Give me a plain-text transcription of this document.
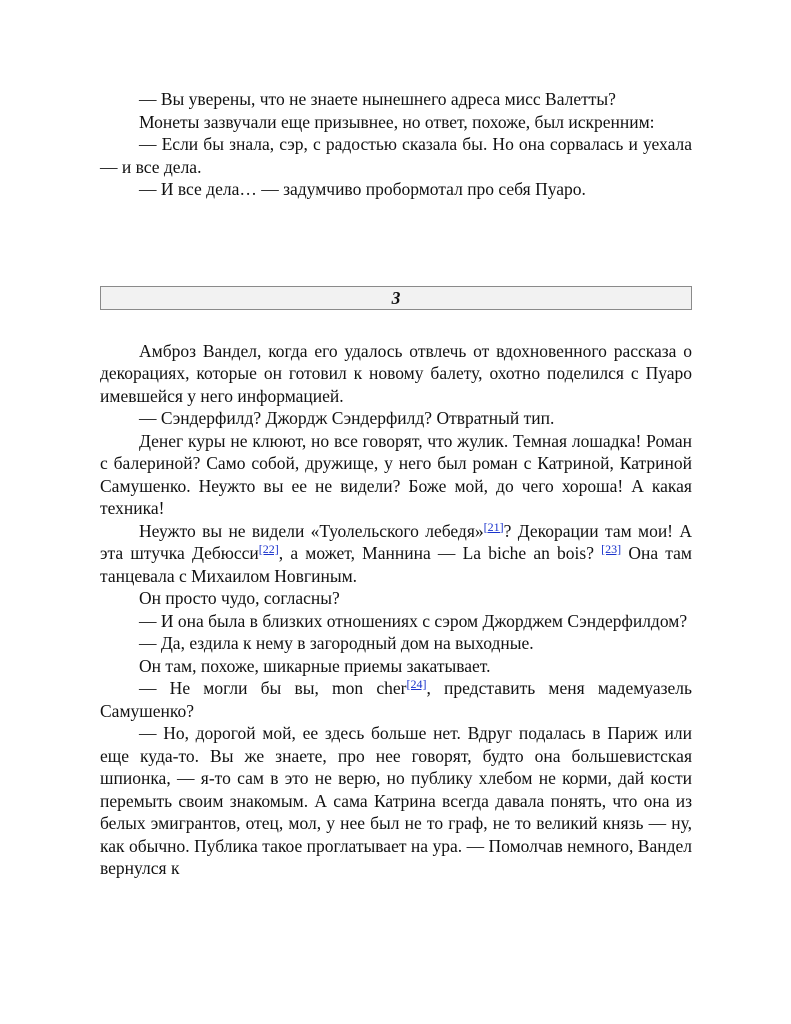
— Вы уверены, что не знаете нынешнего адреса мисс Валетты?

Монеты зазвучали еще призывнее, но ответ, похоже, был искренним:

— Если бы знала, сэр, с радостью сказала бы. Но она сорвалась и уехала — и все дела.

— И все дела… — задумчиво пробормотал про себя Пуаро.

3

Амброз Вандел, когда его удалось отвлечь от вдохновенного рассказа о декорациях, которые он готовил к новому балету, охотно поделился с Пуаро имевшейся у него информацией.

— Сэндерфилд? Джордж Сэндерфилд? Отвратный тип.

Денег куры не клюют, но все говорят, что жулик. Темная лошадка! Роман с балериной? Само собой, дружище, у него был роман с Катриной, Катриной Самушенко. Неужто вы ее не видели? Боже мой, до чего хороша! А какая техника!

Неужто вы не видели «Туолельского лебедя»[21]? Декорации там мои! А эта штучка Дебюсси[22], а может, Маннина — La biche an bois? [23] Она там танцевала с Михаилом Новгиным.

Он просто чудо, согласны?

— И она была в близких отношениях с сэром Джорджем Сэндерфилдом?

— Да, ездила к нему в загородный дом на выходные.

Он там, похоже, шикарные приемы закатывает.

— Не могли бы вы, mon cher[24], представить меня мадемуазель Самушенко?

— Но, дорогой мой, ее здесь больше нет. Вдруг подалась в Париж или еще куда-то. Вы же знаете, про нее говорят, будто она большевистская шпионка, — я-то сам в это не верю, но публику хлебом не корми, дай кости перемыть своим знакомым. А сама Катрина всегда давала понять, что она из белых эмигрантов, отец, мол, у нее был не то граф, не то великий князь — ну, как обычно. Публика такое проглатывает на ура. — Помолчав немного, Вандел вернулся к
